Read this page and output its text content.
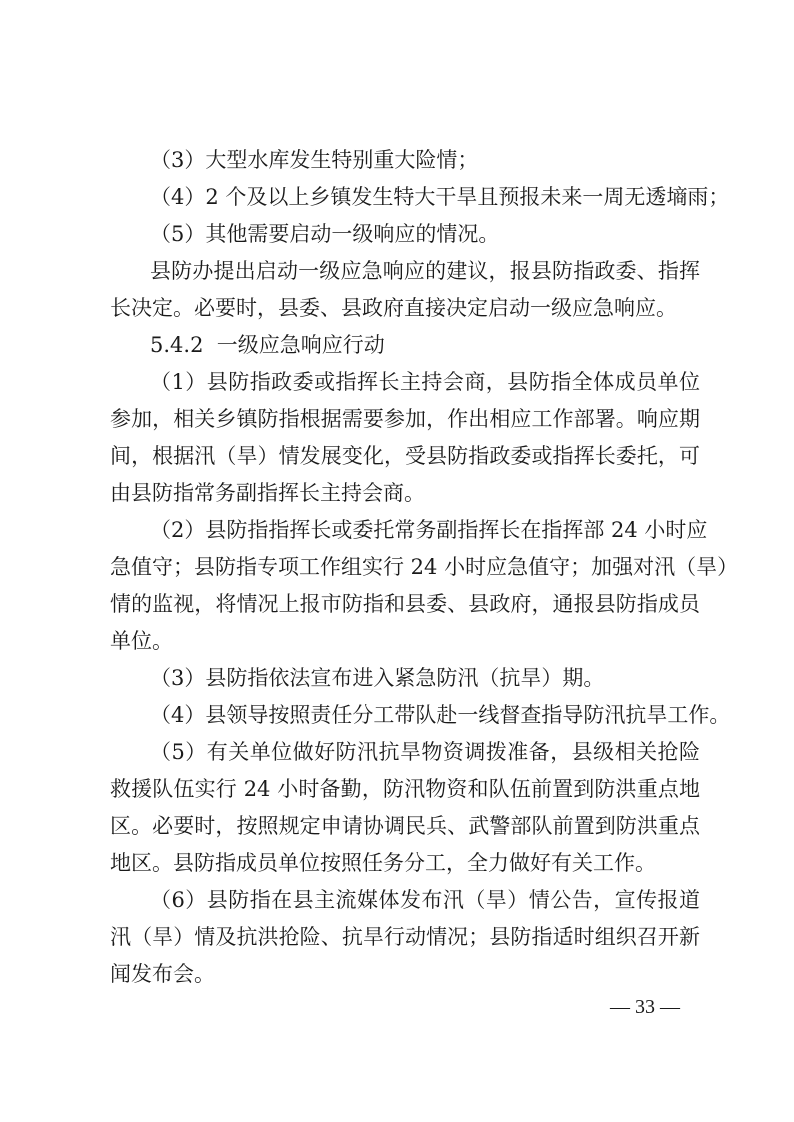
（3）大型水库发生特别重大险情；
（4）2 个及以上乡镇发生特大干旱且预报未来一周无透墒雨；
（5）其他需要启动一级响应的情况。
县防办提出启动一级应急响应的建议，报县防指政委、指挥
长决定。必要时，县委、县政府直接决定启动一级应急响应。
5.4.2  一级应急响应行动
（1）县防指政委或指挥长主持会商，县防指全体成员单位
参加，相关乡镇防指根据需要参加，作出相应工作部署。响应期
间，根据汛（旱）情发展变化，受县防指政委或指挥长委托，可
由县防指常务副指挥长主持会商。
（2）县防指指挥长或委托常务副指挥长在指挥部 24 小时应
急值守；县防指专项工作组实行 24 小时应急值守；加强对汛（旱）
情的监视，将情况上报市防指和县委、县政府，通报县防指成员
单位。
（3）县防指依法宣布进入紧急防汛（抗旱）期。
（4）县领导按照责任分工带队赴一线督查指导防汛抗旱工作。
（5）有关单位做好防汛抗旱物资调拨准备，县级相关抢险
救援队伍实行 24 小时备勤，防汛物资和队伍前置到防洪重点地
区。必要时，按照规定申请协调民兵、武警部队前置到防洪重点
地区。县防指成员单位按照任务分工，全力做好有关工作。
（6）县防指在县主流媒体发布汛（旱）情公告，宣传报道
汛（旱）情及抗洪抢险、抗旱行动情况；县防指适时组织召开新
闻发布会。
— 33 —
